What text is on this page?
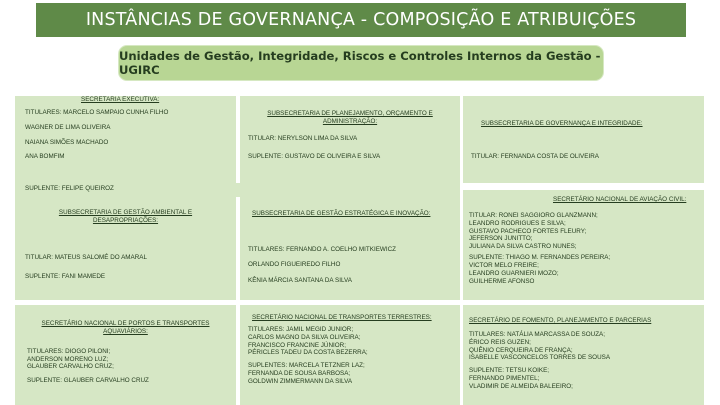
INSTÂNCIAS DE GOVERNANÇA - COMPOSIÇÃO E ATRIBUIÇÕES
Unidades de Gestão, Integridade, Riscos e Controles Internos da Gestão - UGIRC
SECRETARIA EXECUTIVA:
TITULARES: MARCELO SAMPAIO CUNHA FILHO
WAGNER DE LIMA OLIVEIRA
NAIANA SIMÕES MACHADO
ANA BOMFIM
SUPLENTE: FELIPE QUEIROZ
SUBSECRETARIA DE PLANEJAMENTO, ORÇAMENTO E
ADMINISTRAÇÃO:
TITULAR: NERYLSON LIMA DA SILVA
SUPLENTE: GUSTAVO DE OLIVEIRA E SILVA
SUBSECRETARIA DE GOVERNANÇA E INTEGRIDADE:
TITULAR: FERNANDA COSTA DE OLIVEIRA
SUBSECRETARIA DE GESTÃO AMBIENTAL E
DESAPROPRIAÇÕES:
TITULAR: MATEUS SALOMÉ DO AMARAL
SUPLENTE: FANI MAMEDE
SUBSECRETARIA DE GESTÃO ESTRATÉGICA E INOVAÇÃO:
TITULARES: FERNANDO A. COELHO MITKIEWICZ
ORLANDO FIGUEIREDO FILHO
KÊNIA MÁRCIA SANTANA DA SILVA
SECRETÁRIO NACIONAL DE AVIAÇÃO CIVIL:
TITULAR: RONEI SAGGIORO GLANZMANN;
LEANDRO RODRIGUES E SILVA;
GUSTAVO PACHECO FORTES FLEURY;
JEFERSON JUNITTO;
JULIANA DA SILVA CASTRO NUNES;
SUPLENTE: THIAGO M. FERNANDES PEREIRA;
VICTOR MELO FREIRE;
LEANDRO GUARNIERI MOZO;
GUILHERME AFONSO
SECRETÁRIO NACIONAL DE PORTOS E TRANSPORTES
AQUAVIÁRIOS:
TITULARES: DIOGO PILONI;
ANDERSON MORENO LUZ;
GLAUBER CARVALHO CRUZ;
SUPLENTE: GLAUBER CARVALHO CRUZ
SECRETÁRIO NACIONAL DE TRANSPORTES TERRESTRES:
TITULARES: JAMIL MEGID JUNIOR;
CARLOS MAGNO DA SILVA OLIVEIRA;
FRANCISCO FRANCINE JÚNIOR;
PÉRICLES TADEU DA COSTA BEZERRA;
SUPLENTES: MARCELA TETZNER LAZ;
FERNANDA DE SOUSA BARBOSA;
GOLDWIN ZIMMERMANN DA SILVA
SECRETÁRIO DE FOMENTO, PLANEJAMENTO E PARCERIAS
TITULARES: NATÁLIA MARCASSA DE SOUZA;
ÉRICO REIS GUZEN;
QUÊNIO CERQUEIRA DE FRANÇA;
ISABELLE VASCONCELOS TORRES DE SOUSA
SUPLENTE: TETSU KOIKE;
FERNANDO PIMENTEL;
VLADIMIR DE ALMEIDA BALEEIRO;
